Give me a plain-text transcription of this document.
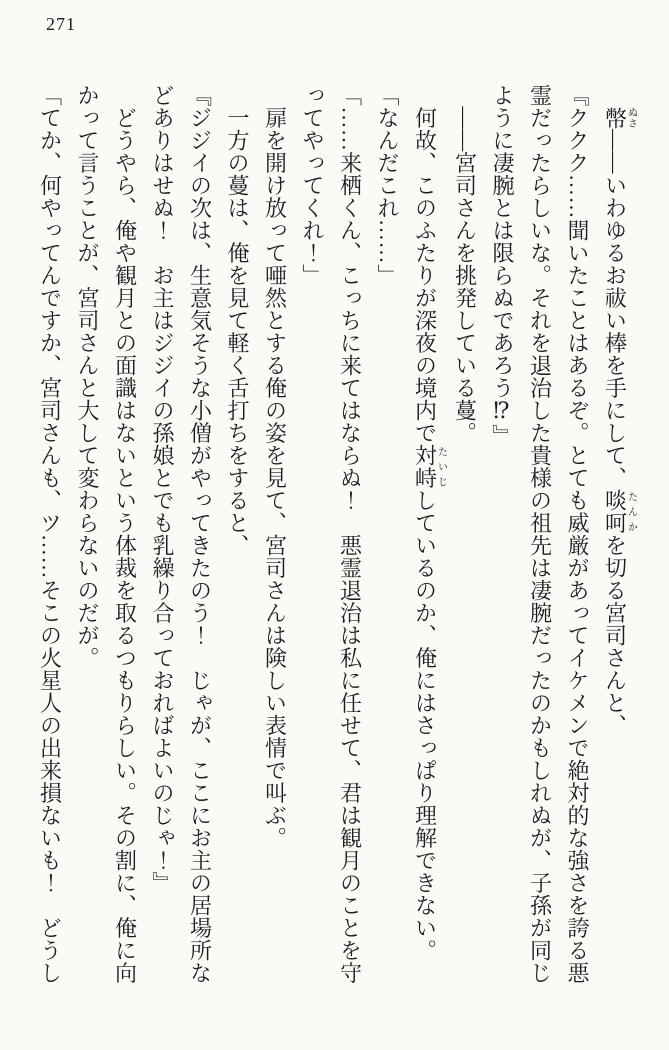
271

　幣ぬさ――いわゆるお祓い棒を手にして、啖呵たんかを切る宮司さんと、

『ククク……聞いたことはあるぞ。とても威厳があってイケメンで絶対的な強さを誇る悪霊だったらしいな。それを退治した貴様の祖先は凄腕だったのかもしれぬが、子孫が同じように凄腕とは限らぬであろう⁉』

　――宮司さんを挑発している蔓。

　何故、このふたりが深夜の境内で対峙たいじしているのか、俺にはさっぱり理解できない。

「なんだこれ……」

「……来栖くん、こっちに来てはならぬ！　悪霊退治は私に任せて、君は観月のことを守ってやってくれ！」

　扉を開け放って唖然とする俺の姿を見て、宮司さんは険しい表情で叫ぶ。

　一方の蔓は、俺を見て軽く舌打ちをすると、

『ジジイの次は、生意気そうな小僧がやってきたのう！　じゃが、ここにお主の居場所などありはせぬ！　お主はジジイの孫娘とでも乳繰り合っておればよいのじゃ！』

　どうやら、俺や観月との面識はないという体裁を取るつもりらしい。その割に、俺に向かって言うことが、宮司さんと大して変わらないのだが。

「てか、何やってんですか、宮司さんも、ツ……そこの火星人の出来損ないも！　どうし
